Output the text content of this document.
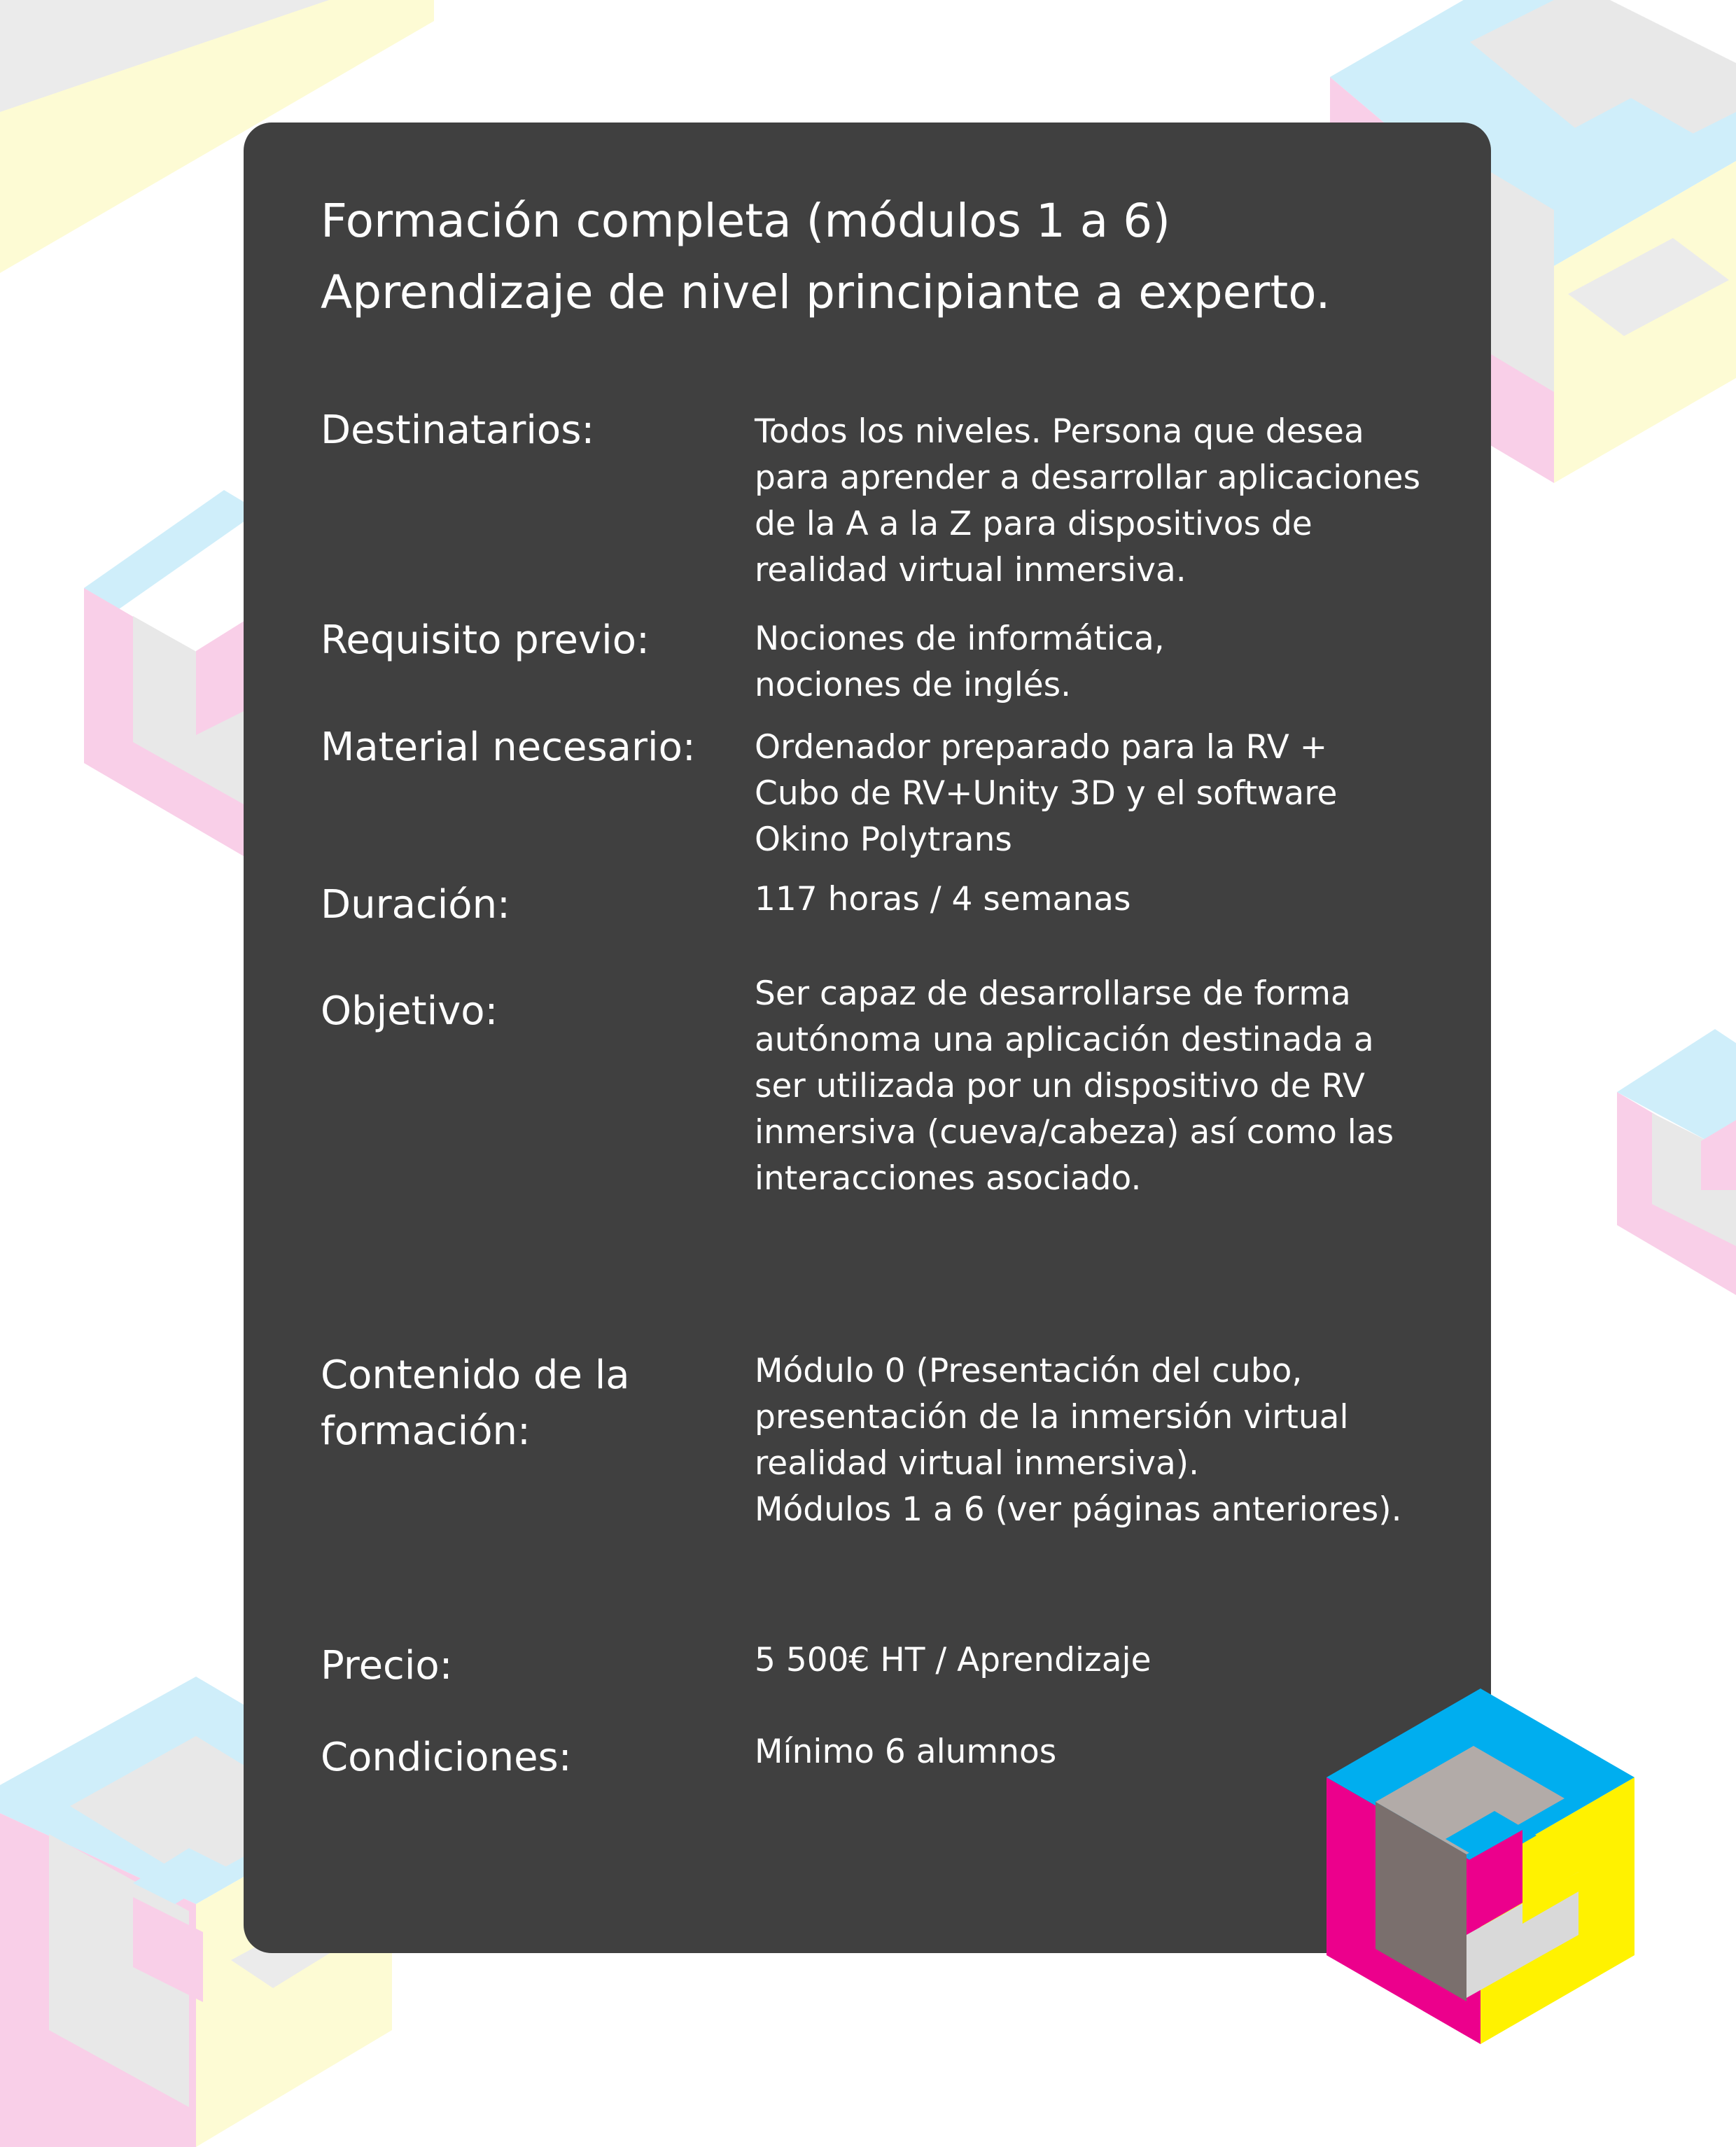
Formación completa (módulos 1 a 6)
Aprendizaje de nivel principiante a experto.
Destinatarios:	Todos los niveles. Persona que desea
para aprender a desarrollar aplicaciones
de la A a la Z para dispositivos de
realidad virtual inmersiva.
Requisito previo:	Nociones de informática,
nociones de inglés.
Material necesario: Ordenador preparado para la RV +
Cubo de RV+Unity 3D y el software
Okino Polytrans
Duración:	117 horas / 4 semanas
Objetivo:	Ser capaz de desarrollarse de forma
autónoma una aplicación destinada a
ser utilizada por un dispositivo de RV
inmersiva (cueva/cabeza) así como las
interacciones asociado.
Contenido de la
formación:
Módulo 0 (Presentación del cubo,
presentación de la inmersión virtual
realidad virtual inmersiva).
Módulos 1 a 6 (ver páginas anteriores).
Precio:	5 500€ HT / Aprendizaje
Condiciones:	Mínimo 6 alumnos
